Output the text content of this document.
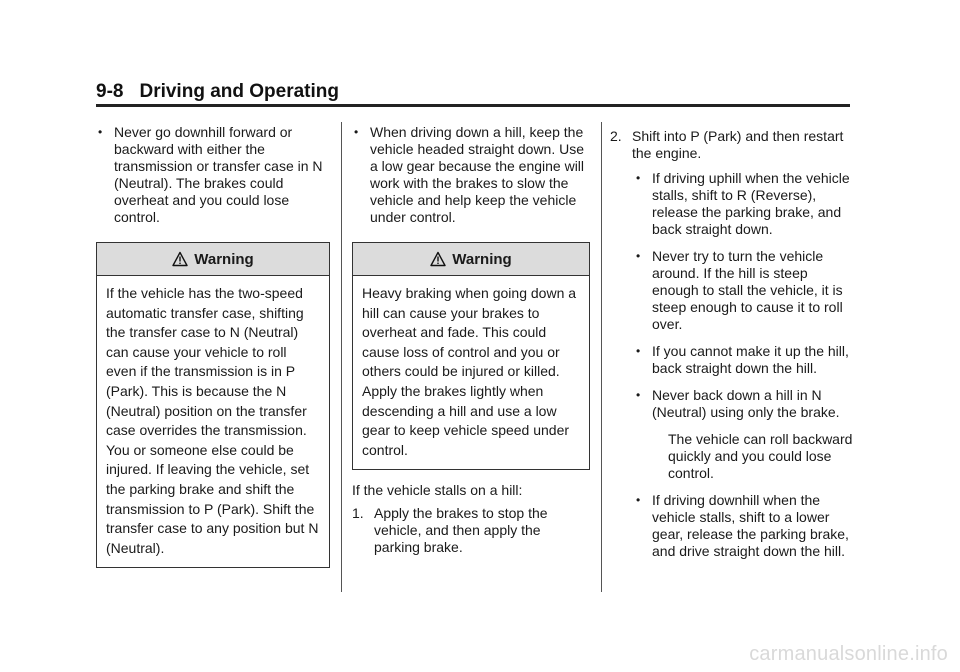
9-8 Driving and Operating
• Never go downhill forward or backward with either the transmission or transfer case in N (Neutral). The brakes could overheat and you could lose control.
Warning
If the vehicle has the two-speed automatic transfer case, shifting the transfer case to N (Neutral) can cause your vehicle to roll even if the transmission is in P (Park). This is because the N (Neutral) position on the transfer case overrides the transmission. You or someone else could be injured. If leaving the vehicle, set the parking brake and shift the transmission to P (Park). Shift the transfer case to any position but N (Neutral).
• When driving down a hill, keep the vehicle headed straight down. Use a low gear because the engine will work with the brakes to slow the vehicle and help keep the vehicle under control.
Warning
Heavy braking when going down a hill can cause your brakes to overheat and fade. This could cause loss of control and you or others could be injured or killed. Apply the brakes lightly when descending a hill and use a low gear to keep vehicle speed under control.
If the vehicle stalls on a hill:
1. Apply the brakes to stop the vehicle, and then apply the parking brake.
2. Shift into P (Park) and then restart the engine.
• If driving uphill when the vehicle stalls, shift to R (Reverse), release the parking brake, and back straight down.
• Never try to turn the vehicle around. If the hill is steep enough to stall the vehicle, it is steep enough to cause it to roll over.
• If you cannot make it up the hill, back straight down the hill.
• Never back down a hill in N (Neutral) using only the brake.
The vehicle can roll backward quickly and you could lose control.
• If driving downhill when the vehicle stalls, shift to a lower gear, release the parking brake, and drive straight down the hill.
carmanualsonline.info
